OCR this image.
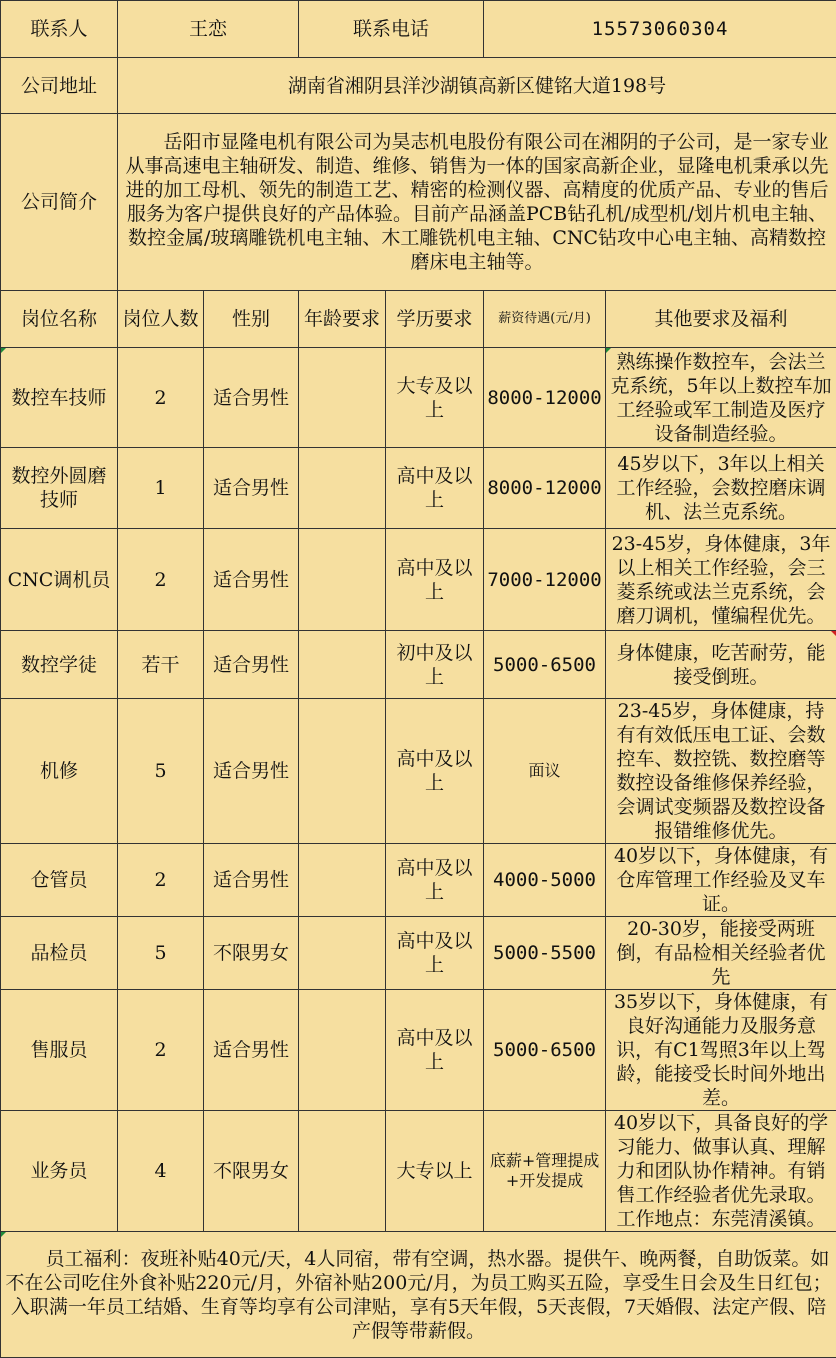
联系人	王恋		联系电话		15573060304	
公司地址	湖南省湘阴县洋沙湖镇高新区健铭大道198号					
公司简介	岳阳市显隆电机有限公司为昊志机电股份有限公司在湘阴的子公司，是一家专业从事高速电主轴研发、制造、维修、销售为一体的国家高新企业，显隆电机秉承以先进的加工母机、领先的制造工艺、精密的检测仪器、高精度的优质产品、专业的售后服务为客户提供良好的产品体验。目前产品涵盖PCB钻孔机/成型机/划片机电主轴、数控金属/玻璃雕铣机电主轴、木工雕铣机电主轴、CNC钻攻中心电主轴、高精数控磨床电主轴等。					

岗位名称	岗位人数	性别	年龄要求	学历要求	薪资待遇(元/月)	其他要求及福利
数控车技师	2	适合男性		大专及以上	8000-12000	熟练操作数控车，会法兰克系统，5年以上数控车加工经验或军工制造及医疗设备制造经验。
数控外圆磨技师	1	适合男性		高中及以上	8000-12000	45岁以下，3年以上相关工作经验，会数控磨床调机、法兰克系统。
CNC调机员	2	适合男性		高中及以上	7000-12000	23-45岁，身体健康，3年以上相关工作经验，会三菱系统或法兰克系统，会磨刀调机，懂编程优先。
数控学徒	若干	适合男性		初中及以上	5000-6500	身体健康，吃苦耐劳，能接受倒班。
机修	5	适合男性		高中及以上	面议	23-45岁，身体健康，持有有效低压电工证、会数控车、数控铣、数控磨等数控设备维修保养经验，会调试变频器及数控设备报错维修优先。
仓管员	2	适合男性		高中及以上	4000-5000	40岁以下，身体健康，有仓库管理工作经验及叉车证。
品检员	5	不限男女		高中及以上	5000-5500	20-30岁，能接受两班倒，有品检相关经验者优先
售服员	2	适合男性		高中及以上	5000-6500	35岁以下，身体健康，有良好沟通能力及服务意识，有C1驾照3年以上驾龄，能接受长时间外地出差。
业务员	4	不限男女		大专以上	底薪+管理提成+开发提成	40岁以下，具备良好的学习能力、做事认真、理解力和团队协作精神。有销售工作经验者优先录取。工作地点：东莞清溪镇。

员工福利：夜班补贴40元/天，4人同宿，带有空调，热水器。提供午、晚两餐，自助饭菜。如不在公司吃住外食补贴220元/月，外宿补贴200元/月，为员工购买五险，享受生日会及生日红包；入职满一年员工结婚、生育等均享有公司津贴，享有5天年假，5天丧假，7天婚假、法定产假、陪产假等带薪假。						
